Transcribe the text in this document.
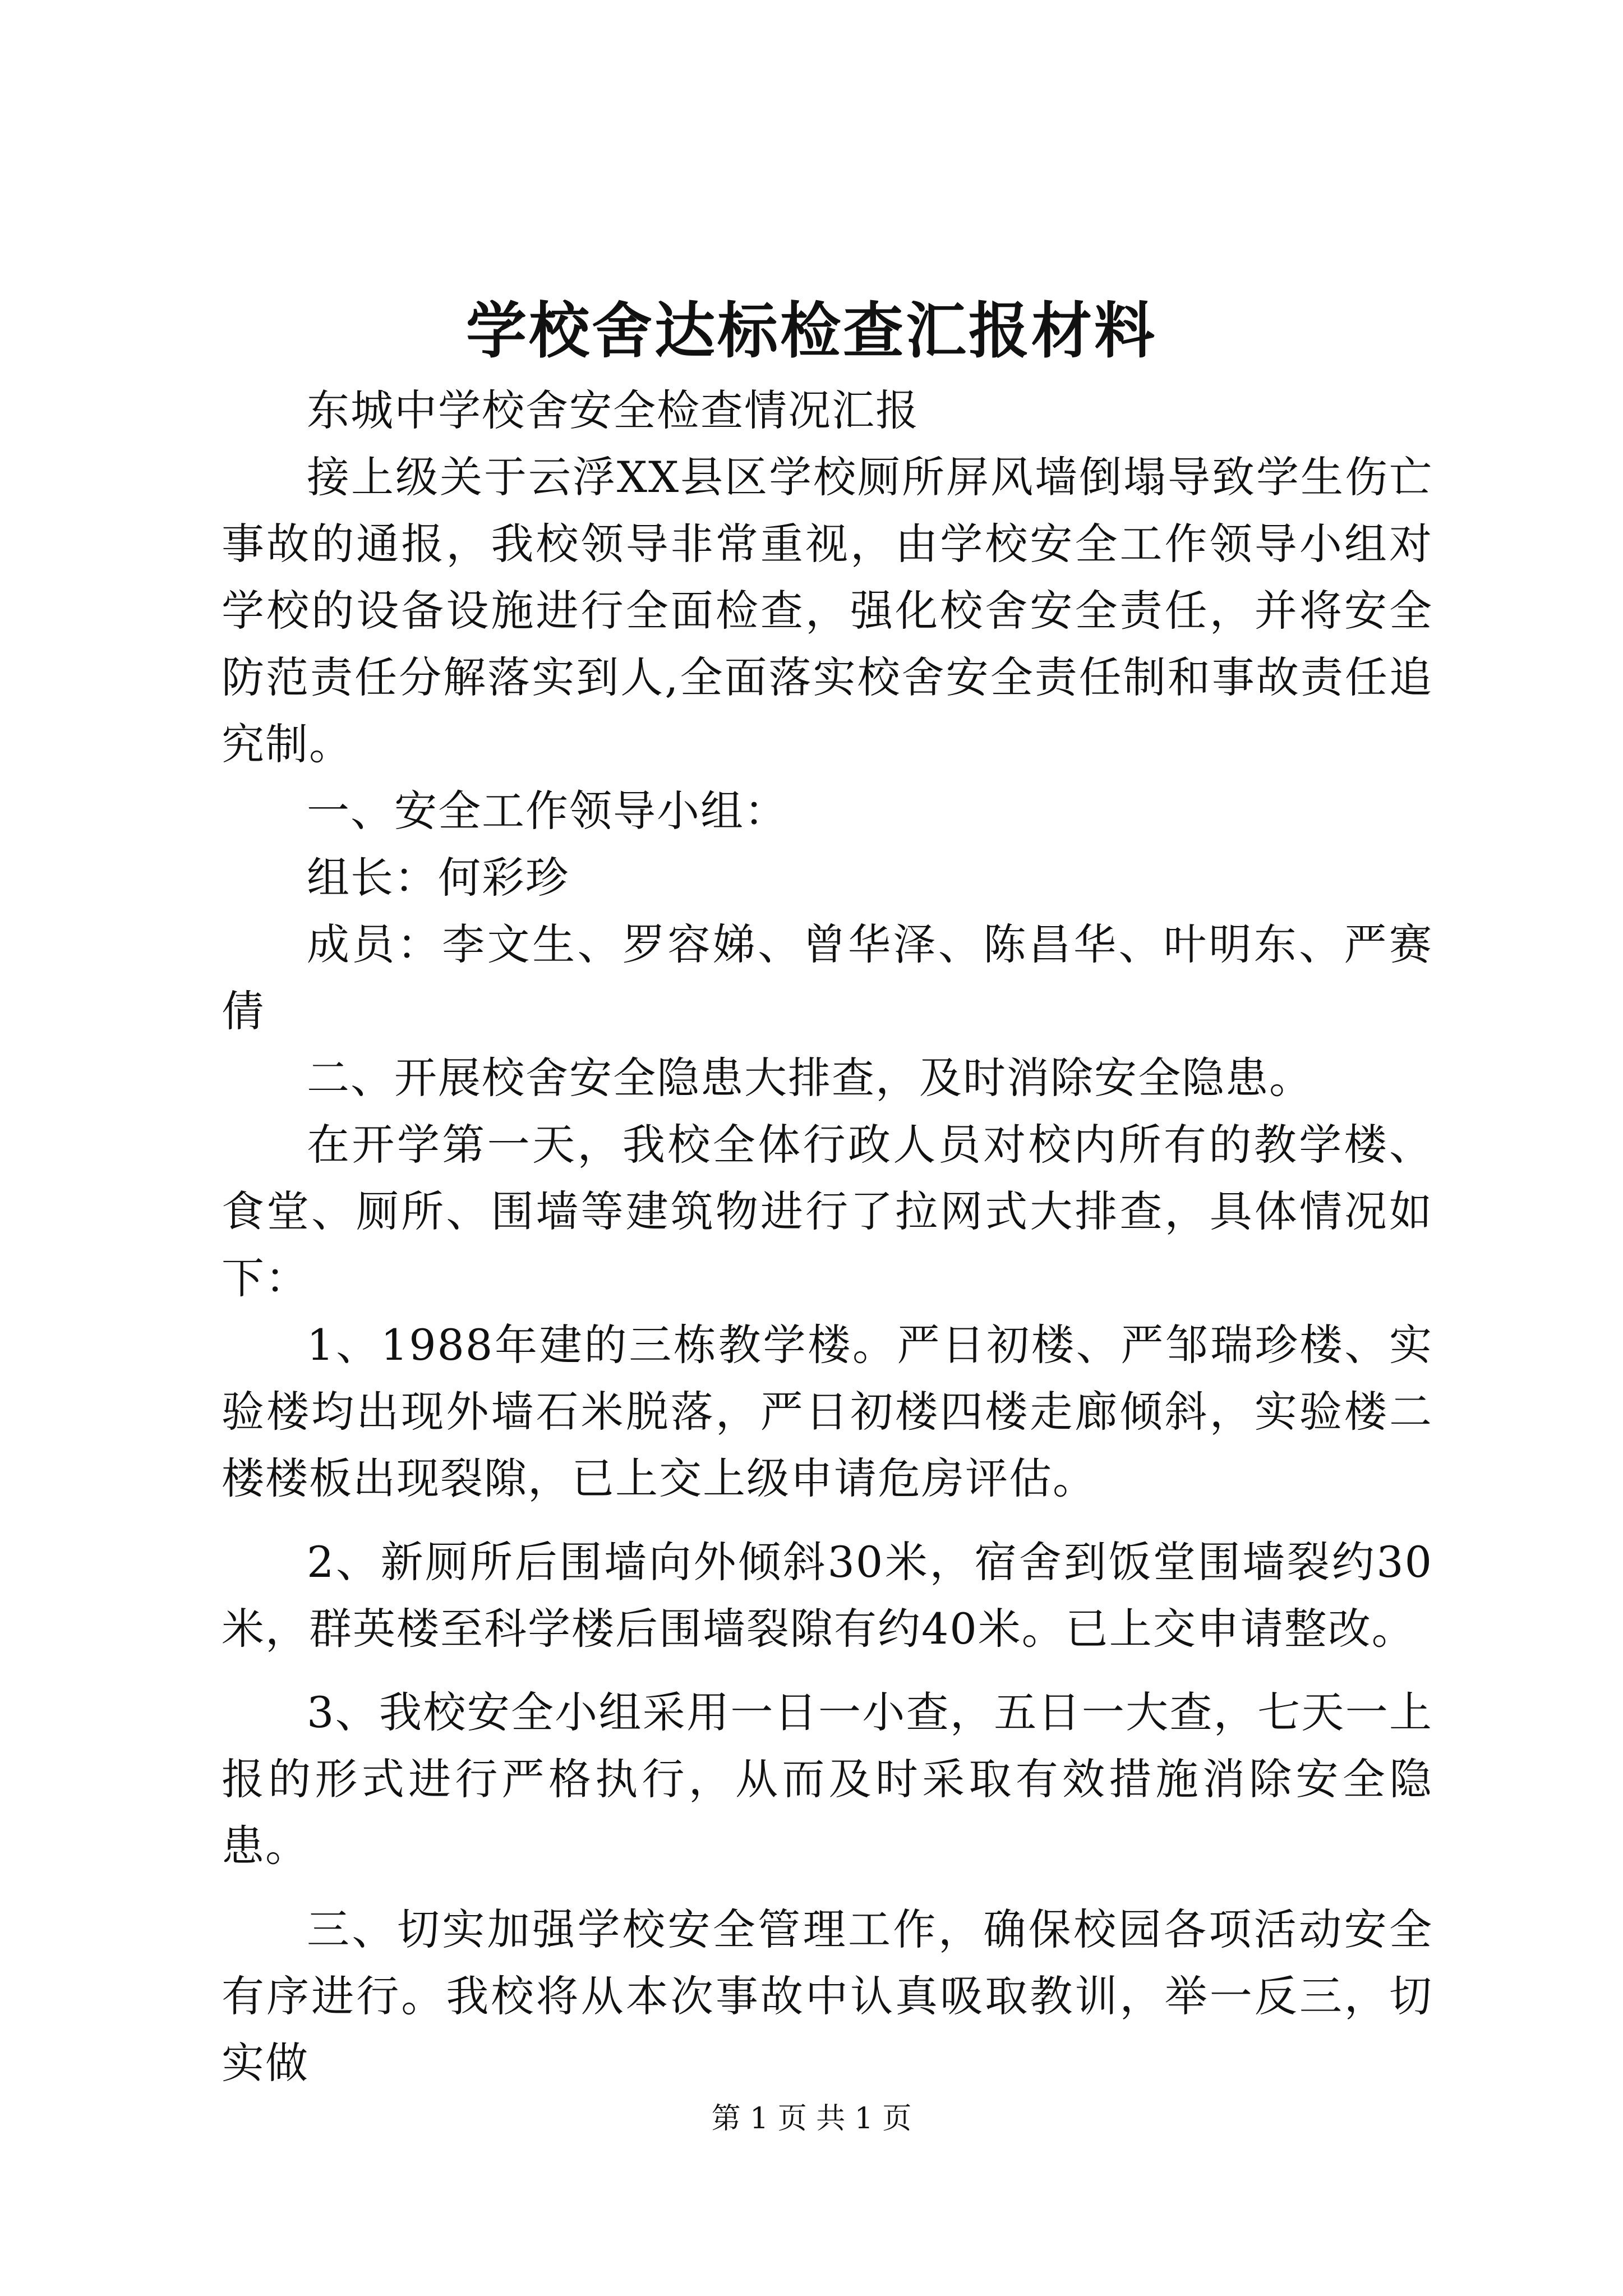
学校舍达标检查汇报材料

东城中学校舍安全检查情况汇报

接上级关于云浮XX县区学校厕所屏风墙倒塌导致学生伤亡事故的通报，我校领导非常重视，由学校安全工作领导小组对学校的设备设施进行全面检查，强化校舍安全责任，并将安全防范责任分解落实到人,全面落实校舍安全责任制和事故责任追究制。

一、安全工作领导小组：

组长：何彩珍

成员：李文生、罗容娣、曾华泽、陈昌华、叶明东、严赛倩

二、开展校舍安全隐患大排查，及时消除安全隐患。

在开学第一天，我校全体行政人员对校内所有的教学楼、食堂、厕所、围墙等建筑物进行了拉网式大排查，具体情况如下：

1、1988年建的三栋教学楼。严日初楼、严邹瑞珍楼、实验楼均出现外墙石米脱落，严日初楼四楼走廊倾斜，实验楼二楼楼板出现裂隙，已上交上级申请危房评估。

2、新厕所后围墙向外倾斜30米，宿舍到饭堂围墙裂约30米，群英楼至科学楼后围墙裂隙有约40米。已上交申请整改。

3、我校安全小组采用一日一小查，五日一大查，七天一上报的形式进行严格执行，从而及时采取有效措施消除安全隐患。

三、切实加强学校安全管理工作，确保校园各项活动安全有序进行。我校将从本次事故中认真吸取教训，举一反三，切实做

第 1 页 共 1 页
